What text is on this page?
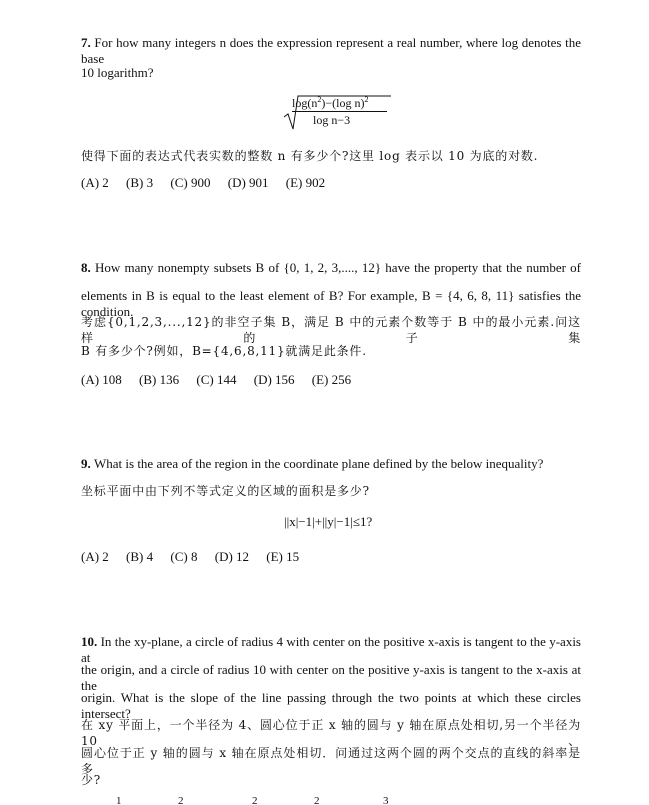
7. For how many integers n does the expression represent a real number, where log denotes the base
10 logarithm?
$\log(n^2)-(\log$ n)$^2$
log n−3
使得下面的表达式代表实数的整数 n 有多少个?这里 log 表示以 10 为底的对数.
(A) 2 (B) 3 (C) 900 (D) 901 (E) 902
8. How many nonempty subsets B of {0, 1, 2, 3,...., 12} have the property that the number of
elements in B is equal to the least element of B? For example, B = {4, 6, 8, 11} satisfies the condition.
考虑{0,1,2,3,...,12}的非空子集 B，满足 B 中的元素个数等于 B 中的最小元素.问这样的子集
B 有多少个?例如，B={4,6,8,11}就满足此条件.
(A) 108 (B) 136 (C) 144 (D) 156 (E) 256
9. What is the area of the region in the coordinate plane defined by the below inequality?
坐标平面中由下列不等式定义的区域的面积是多少?
||x|−1|+||y|−1|≤1?
(A) 2 (B) 4 (C) 8 (D) 12 (E) 15
10. In the xy-plane, a circle of radius 4 with center on the positive x-axis is tangent to the y-axis at
the origin, and a circle of radius 10 with center on the positive y-axis is tangent to the x-axis at the
origin. What is the slope of the line passing through the two points at which these circles intersect?
在 xy 平面上，一个半径为 4、圆心位于正 x 轴的圆与 y 轴在原点处相切,另一个半径为 10、
圆心位于正 y 轴的圆与 x 轴在原点处相切．问通过这两个圆的两个交点的直线的斜率是多
少?
1	2	2	2	3
